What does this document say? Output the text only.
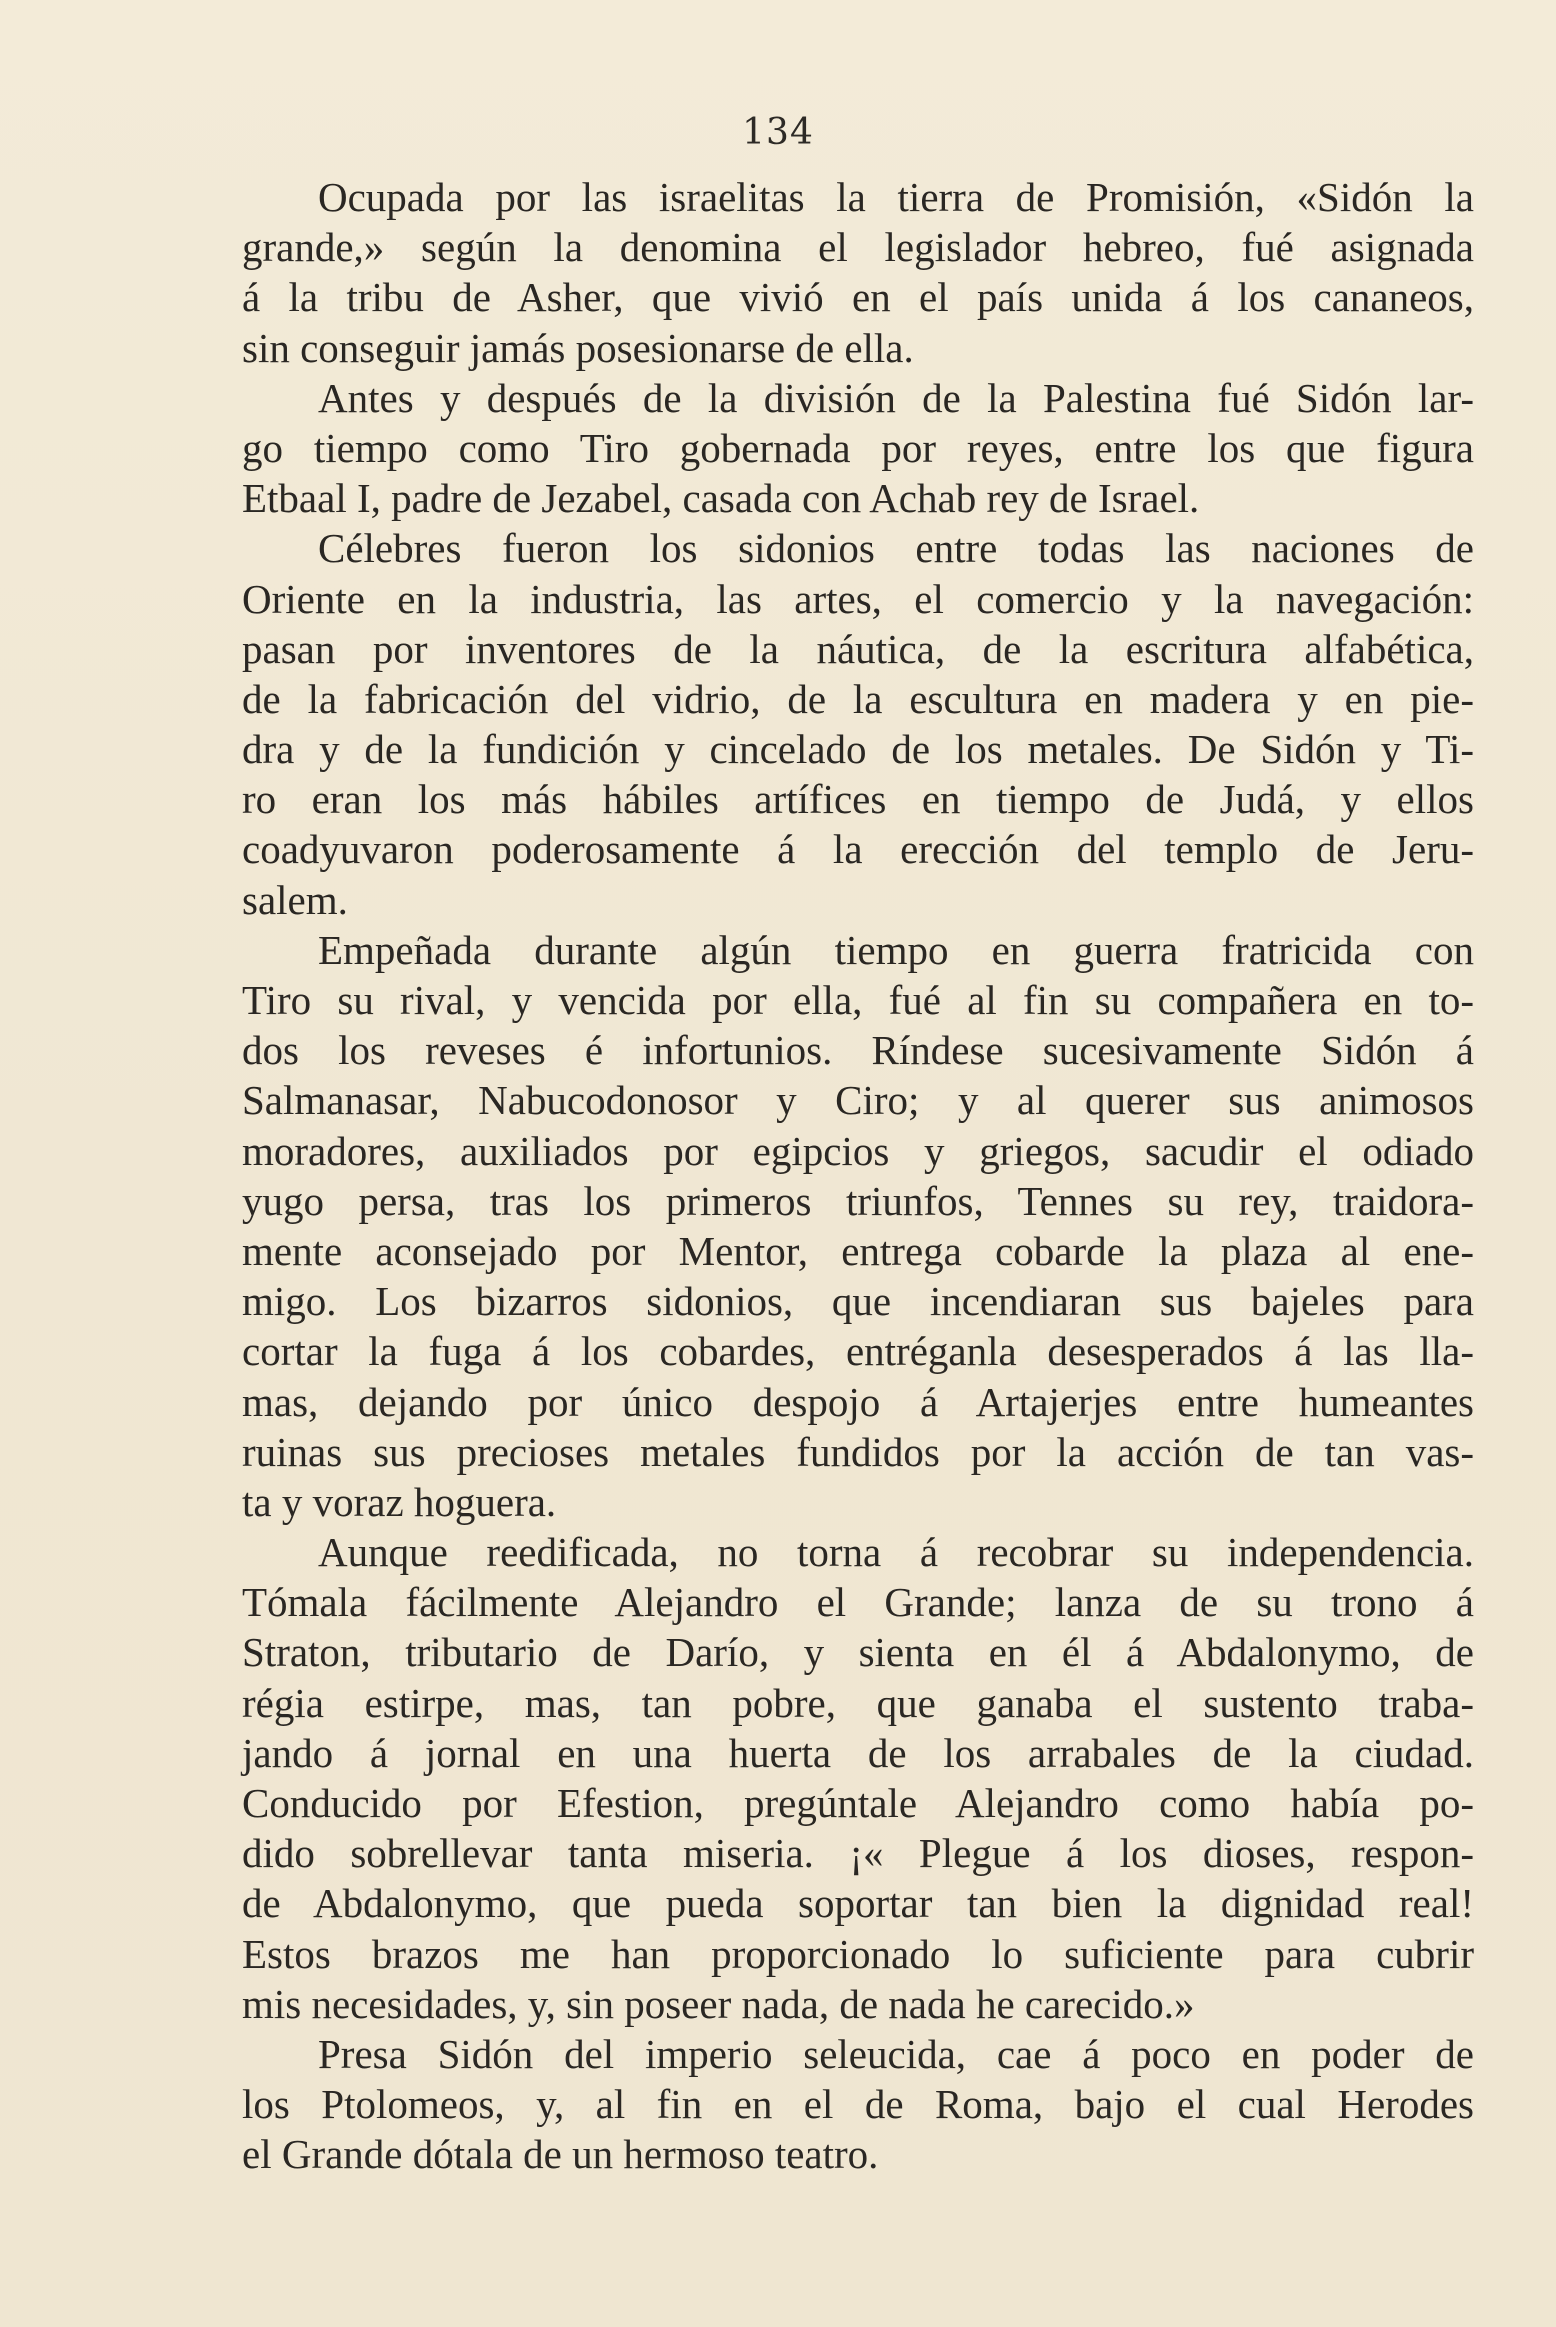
134
Ocupada por las israelitas la tierra de Promisión, «Sidón la
grande,» según la denomina el legislador hebreo, fué asignada
á la tribu de Asher, que vivió en el país unida á los cananeos,
sin conseguir jamás posesionarse de ella.
Antes y después de la división de la Palestina fué Sidón lar-
go tiempo como Tiro gobernada por reyes, entre los que figura
Etbaal I, padre de Jezabel, casada con Achab rey de Israel.
Célebres fueron los sidonios entre todas las naciones de
Oriente en la industria, las artes, el comercio y la navegación:
pasan por inventores de la náutica, de la escritura alfabética,
de la fabricación del vidrio, de la escultura en madera y en pie-
dra y de la fundición y cincelado de los metales. De Sidón y Ti-
ro eran los más hábiles artífices en tiempo de Judá, y ellos
coadyuvaron poderosamente á la erección del templo de Jeru-
salem.
Empeñada durante algún tiempo en guerra fratricida con
Tiro su rival, y vencida por ella, fué al fin su compañera en to-
dos los reveses é infortunios. Ríndese sucesivamente Sidón á
Salmanasar, Nabucodonosor y Ciro; y al querer sus animosos
moradores, auxiliados por egipcios y griegos, sacudir el odiado
yugo persa, tras los primeros triunfos, Tennes su rey, traidora-
mente aconsejado por Mentor, entrega cobarde la plaza al ene-
migo. Los bizarros sidonios, que incendiaran sus bajeles para
cortar la fuga á los cobardes, entréganla desesperados á las lla-
mas, dejando por único despojo á Artajerjes entre humeantes
ruinas sus precioses metales fundidos por la acción de tan vas-
ta y voraz hoguera.
Aunque reedificada, no torna á recobrar su independencia.
Tómala fácilmente Alejandro el Grande; lanza de su trono á
Straton, tributario de Darío, y sienta en él á Abdalonymo, de
régia estirpe, mas, tan pobre, que ganaba el sustento traba-
jando á jornal en una huerta de los arrabales de la ciudad.
Conducido por Efestion, pregúntale Alejandro como había po-
dido sobrellevar tanta miseria. ¡« Plegue á los dioses, respon-
de Abdalonymo, que pueda soportar tan bien la dignidad real!
Estos brazos me han proporcionado lo suficiente para cubrir
mis necesidades, y, sin poseer nada, de nada he carecido.»
Presa Sidón del imperio seleucida, cae á poco en poder de
los Ptolomeos, y, al fin en el de Roma, bajo el cual Herodes
el Grande dótala de un hermoso teatro.
